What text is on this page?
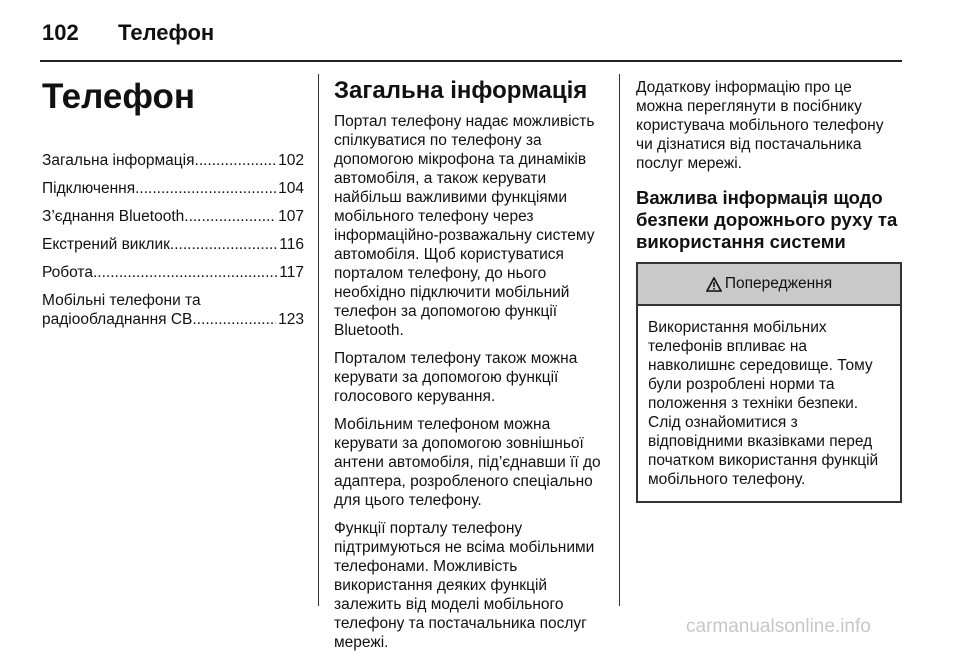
102 Телефон
Телефон
Загальна інформація .....	102
Підключення .....	104
З’єднання Bluetooth .....	107
Екстрений виклик .....	116
Робота .....	117
Мобільні телефони та
радіообладнання CB .....	123
Загальна інформація

Портал телефону надає можливість спілкуватися по телефону за допомогою мікрофона та динаміків автомобіля, а також керувати найбільш важливими функціями мобільного телефону через інформаційно-розважальну систему автомобіля. Щоб користуватися порталом телефону, до нього необхідно підключити мобільний телефон за допомогою функції Bluetooth.

Порталом телефону також можна керувати за допомогою функції голосового керування.

Мобільним телефоном можна керувати за допомогою зовнішньої антени автомобіля, під’єднавши її до адаптера, розробленого спеціально для цього телефону.

Функції порталу телефону підтримуються не всіма мобільними телефонами. Можливість використання деяких функцій залежить від моделі мобільного телефону та постачальника послуг мережі.

Додаткову інформацію про це можна переглянути в посібнику користувача мобільного телефону чи дізнатися від постачальника послуг мережі.

Важлива інформація щодо безпеки дорожнього руху та використання системи
Попередження
Використання мобільних телефонів впливає на навколишнє середовище. Тому були розроблені норми та положення з техніки безпеки. Слід ознайомитися з відповідними вказівками перед початком використання функцій мобільного телефону.
carmanualsonline.info
